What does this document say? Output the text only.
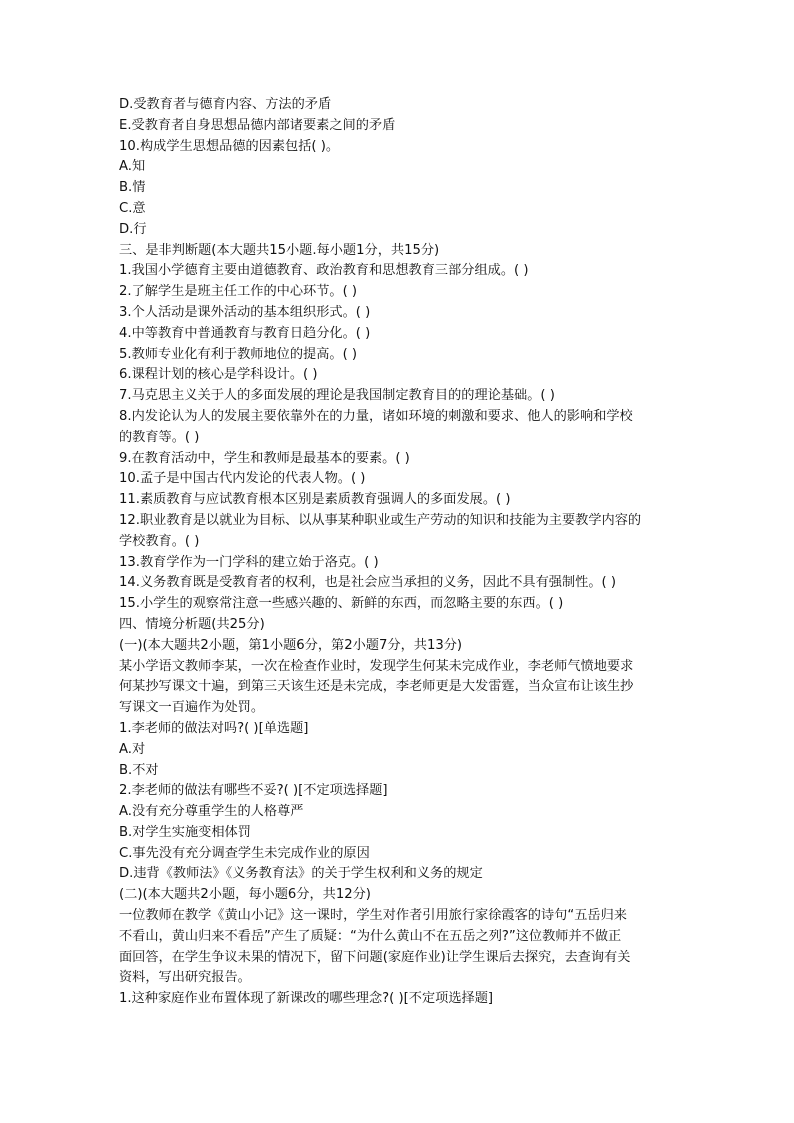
D.受教育者与德育内容、方法的矛盾
E.受教育者自身思想品德内部诸要素之间的矛盾
10.构成学生思想品德的因素包括( )。
A.知
B.情
C.意
D.行
三、是非判断题(本大题共15小题.每小题1分，共15分)
1.我国小学德育主要由道德教育、政治教育和思想教育三部分组成。( )
2.了解学生是班主任工作的中心环节。( )
3.个人活动是课外活动的基本组织形式。( )
4.中等教育中普通教育与教育日趋分化。( )
5.教师专业化有利于教师地位的提高。( )
6.课程计划的核心是学科设计。( )
7.马克思主义关于人的多面发展的理论是我国制定教育目的的理论基础。( )
8.内发论认为人的发展主要依靠外在的力量，诸如环境的刺激和要求、他人的影响和学校
的教育等。( )
9.在教育活动中，学生和教师是最基本的要素。( )
10.孟子是中国古代内发论的代表人物。( )
11.素质教育与应试教育根本区别是素质教育强调人的多面发展。( )
12.职业教育是以就业为目标、以从事某种职业或生产劳动的知识和技能为主要教学内容的
学校教育。( )
13.教育学作为一门学科的建立始于洛克。( )
14.义务教育既是受教育者的权利，也是社会应当承担的义务，因此不具有强制性。( )
15.小学生的观察常注意一些感兴趣的、新鲜的东西，而忽略主要的东西。( )
四、情境分析题(共25分)
(一)(本大题共2小题，第1小题6分，第2小题7分，共13分)
某小学语文教师李某，一次在检查作业时，发现学生何某未完成作业，李老师气愤地要求
何某抄写课文十遍，到第三天该生还是未完成，李老师更是大发雷霆，当众宣布让该生抄
写课文一百遍作为处罚。
1.李老师的做法对吗?( )[单选题]
A.对
B.不对
2.李老师的做法有哪些不妥?( )[不定项选择题]
A.没有充分尊重学生的人格尊严
B.对学生实施变相体罚
C.事先没有充分调查学生未完成作业的原因
D.违背《教师法》《义务教育法》的关于学生权利和义务的规定
(二)(本大题共2小题，每小题6分，共12分)
一位教师在教学《黄山小记》这一课时，学生对作者引用旅行家徐霞客的诗句“五岳归来
不看山，黄山归来不看岳”产生了质疑：“为什么黄山不在五岳之列?”这位教师并不做正
面回答，在学生争议未果的情况下，留下问题(家庭作业)让学生课后去探究，去查询有关
资料，写出研究报告。
1.这种家庭作业布置体现了新课改的哪些理念?( )[不定项选择题]
